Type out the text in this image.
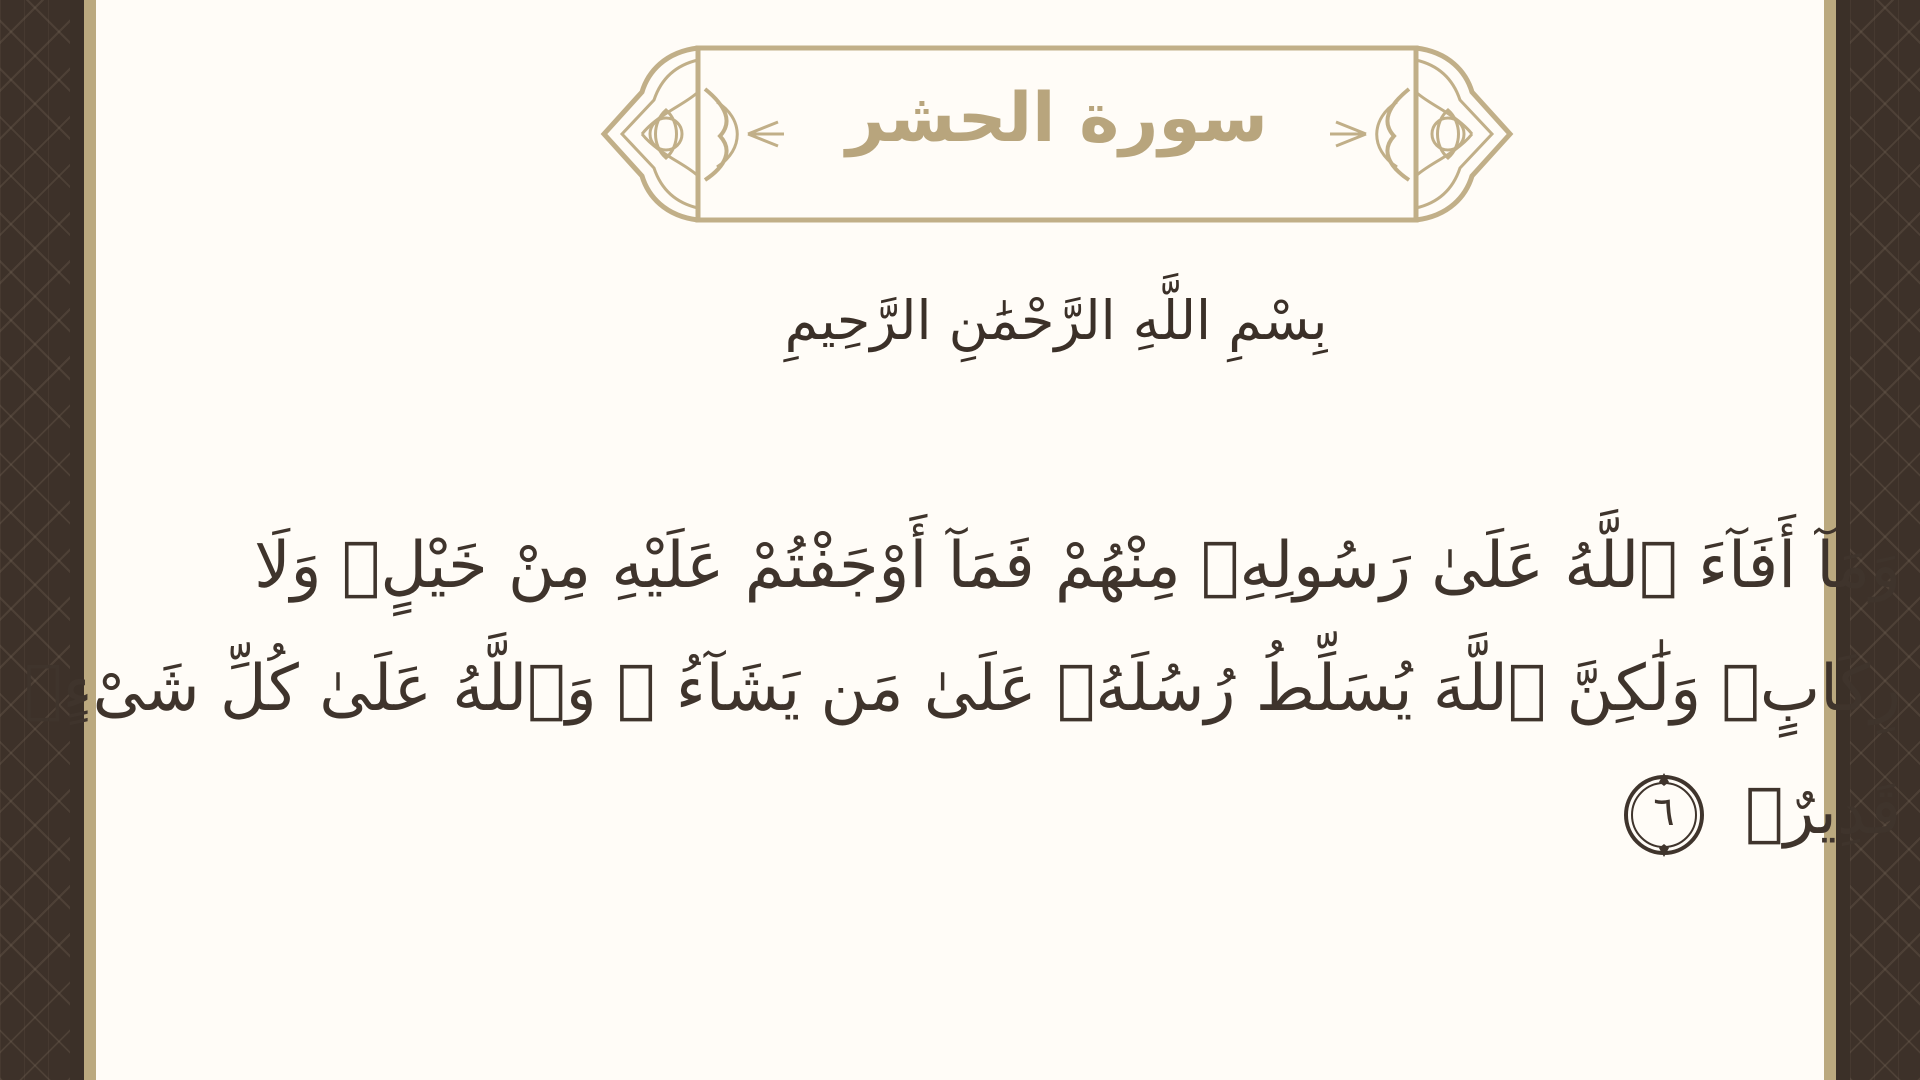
سورة الحشر
بِسْمِ اللَّهِ الرَّحْمَٰنِ الرَّحِيمِ
وَمَآ أَفَآءَ ٱللَّهُ عَلَىٰ رَسُولِهِۦ مِنْهُمْ فَمَآ أَوْجَفْتُمْ عَلَيْهِ مِنْ خَيْلٍۢ وَلَا
رِكَابٍۢ وَلَٰكِنَّ ٱللَّهَ يُسَلِّطُ رُسُلَهُۥ عَلَىٰ مَن يَشَآءُ ۚ وَٱللَّهُ عَلَىٰ كُلِّ شَىْءٍۢ
قَدِيرٌۭ
٦
